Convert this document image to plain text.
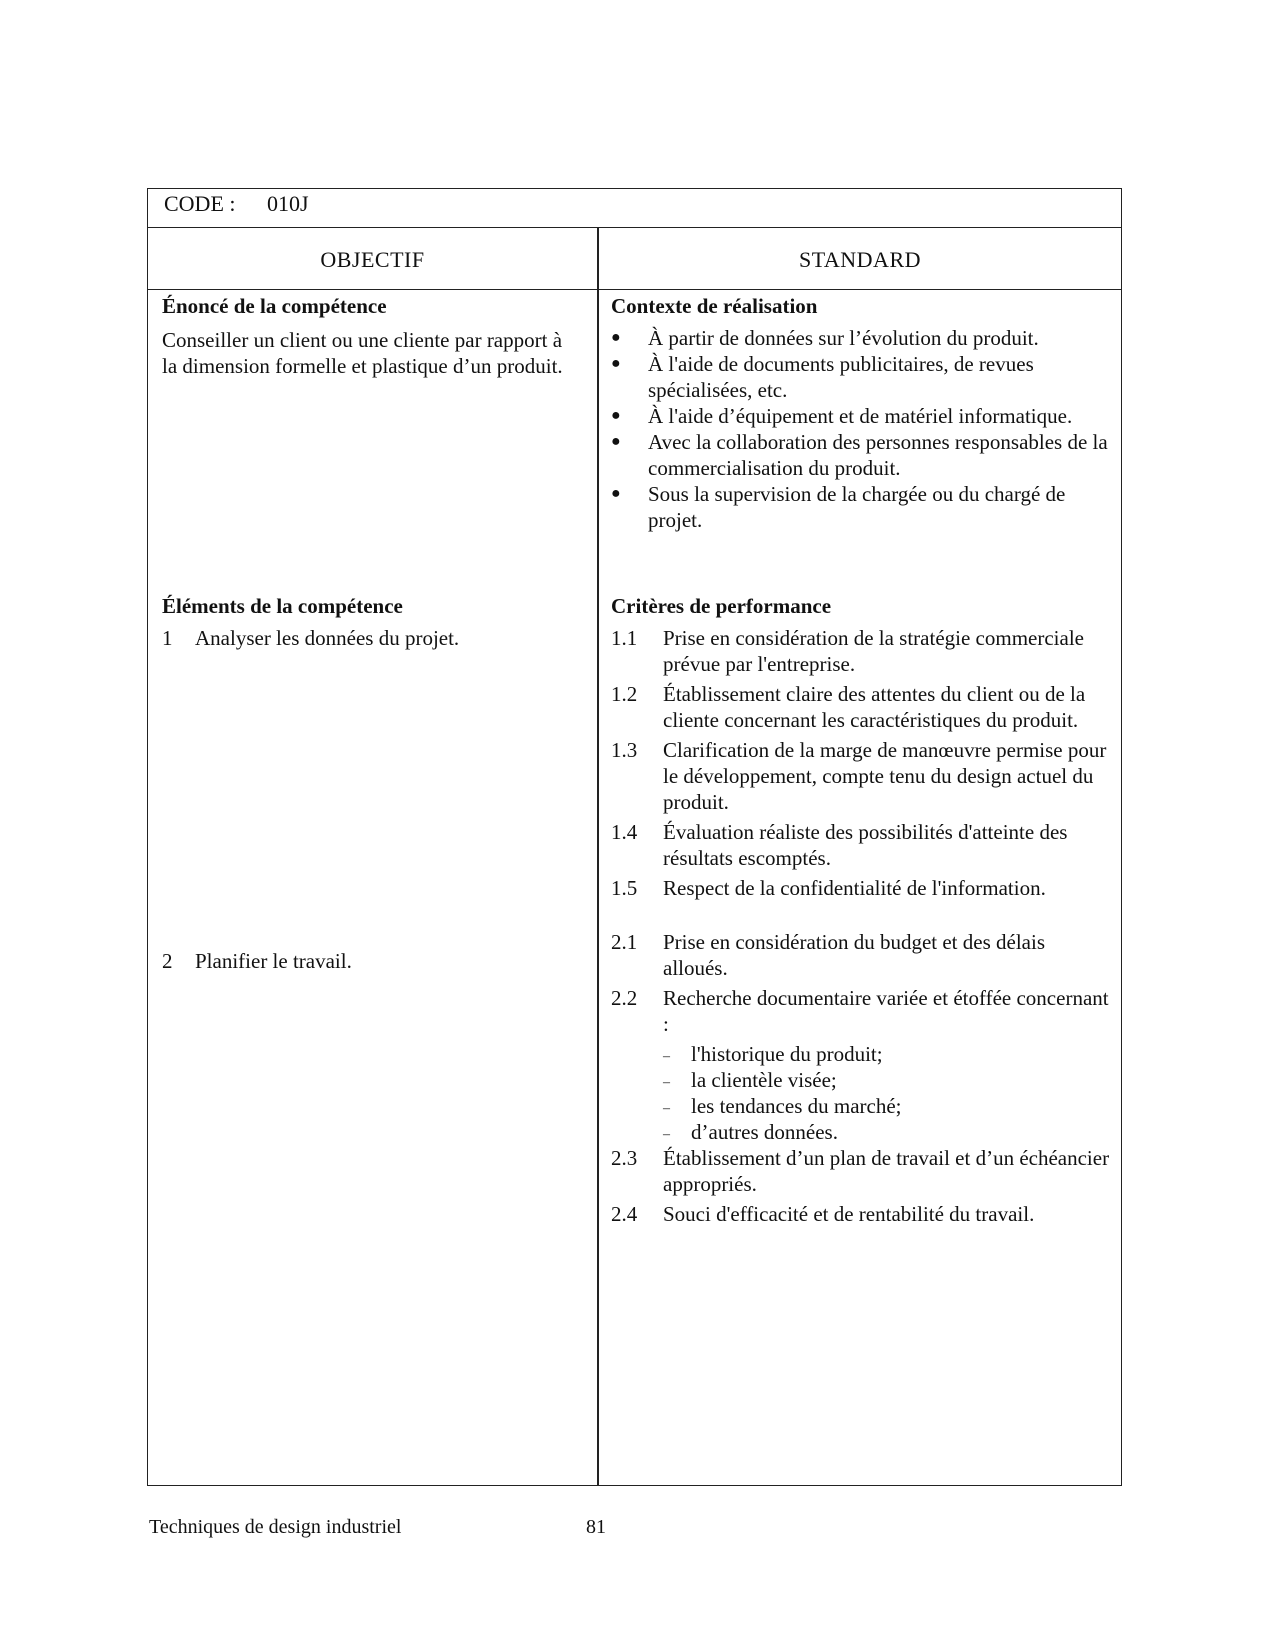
CODE : 010J
OBJECTIF	STANDARD
Énoncé de la compétence
Conseiller un client ou une cliente par rapport à la dimension formelle et plastique d’un produit.
Contexte de réalisation
● À partir de données sur l’évolution du produit.
● À l'aide de documents publicitaires, de revues spécialisées, etc.
● À l'aide d’équipement et de matériel informatique.
● Avec la collaboration des personnes responsables de la commercialisation du produit.
● Sous la supervision de la chargée ou du chargé de projet.
Éléments de la compétence
1 Analyser les données du projet.
2 Planifier le travail.
Critères de performance
1.1 Prise en considération de la stratégie commerciale prévue par l'entreprise.
1.2 Établissement claire des attentes du client ou de la cliente concernant les caractéristiques du produit.
1.3 Clarification de la marge de manœuvre permise pour le développement, compte tenu du design actuel du produit.
1.4 Évaluation réaliste des possibilités d'atteinte des résultats escomptés.
1.5 Respect de la confidentialité de l'information.
2.1 Prise en considération du budget et des délais alloués.
2.2 Recherche documentaire variée et étoffée concernant :
– l'historique du produit;
– la clientèle visée;
– les tendances du marché;
– d’autres données.
2.3 Établissement d’un plan de travail et d’un échéancier appropriés.
2.4 Souci d'efficacité et de rentabilité du travail.
Techniques de design industriel	81
